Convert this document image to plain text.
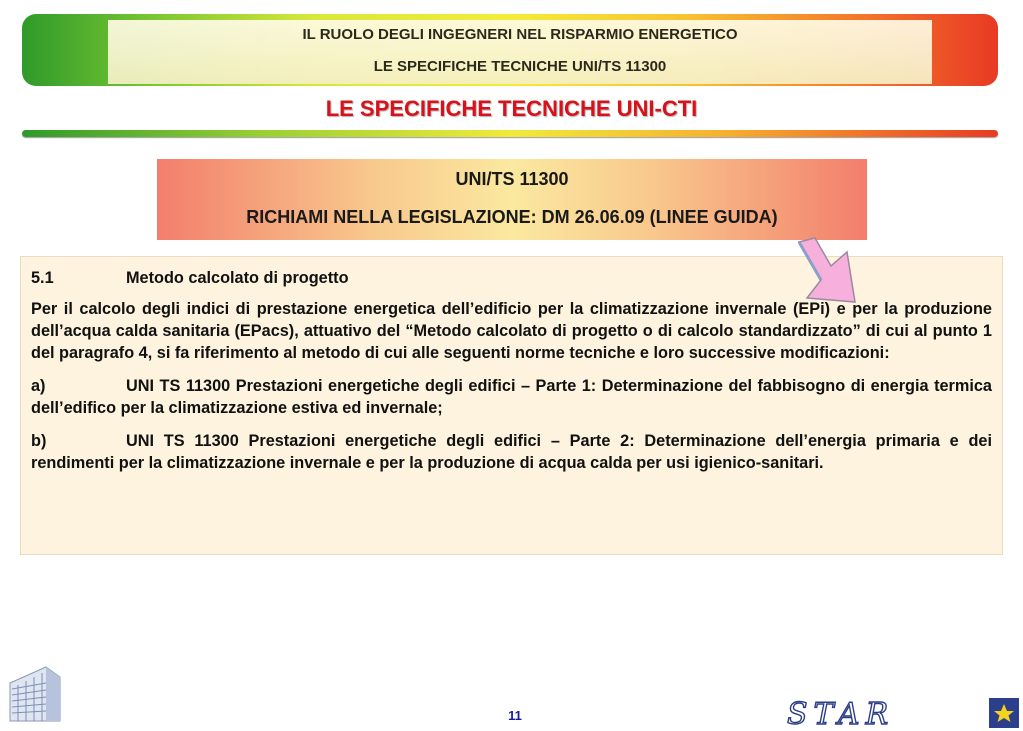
IL RUOLO DEGLI INGEGNERI NEL RISPARMIO ENERGETICO
LE SPECIFICHE TECNICHE UNI/TS 11300
LE SPECIFICHE TECNICHE UNI-CTI
UNI/TS 11300
RICHIAMI NELLA LEGISLAZIONE: DM 26.06.09 (LINEE GUIDA)

5.1	Metodo calcolato di progetto

Per il calcolo degli indici di prestazione energetica dell’edificio per la climatizzazione invernale (EPi) e per la produzione dell’acqua calda sanitaria (EPacs), attuativo del “Metodo calcolato di progetto o di calcolo standardizzato” di cui al punto 1 del paragrafo 4, si fa riferimento al metodo di cui alle seguenti norme tecniche e loro successive modificazioni:

a)	UNI TS 11300 Prestazioni energetiche degli edifici – Parte 1: Determinazione del fabbisogno di energia termica dell’edifico per la climatizzazione estiva ed invernale;

b)	UNI TS 11300 Prestazioni energetiche degli edifici – Parte 2: Determinazione dell’energia primaria e dei rendimenti per la climatizzazione invernale e per la produzione di acqua calda per usi igienico-sanitari.

11	STAR
